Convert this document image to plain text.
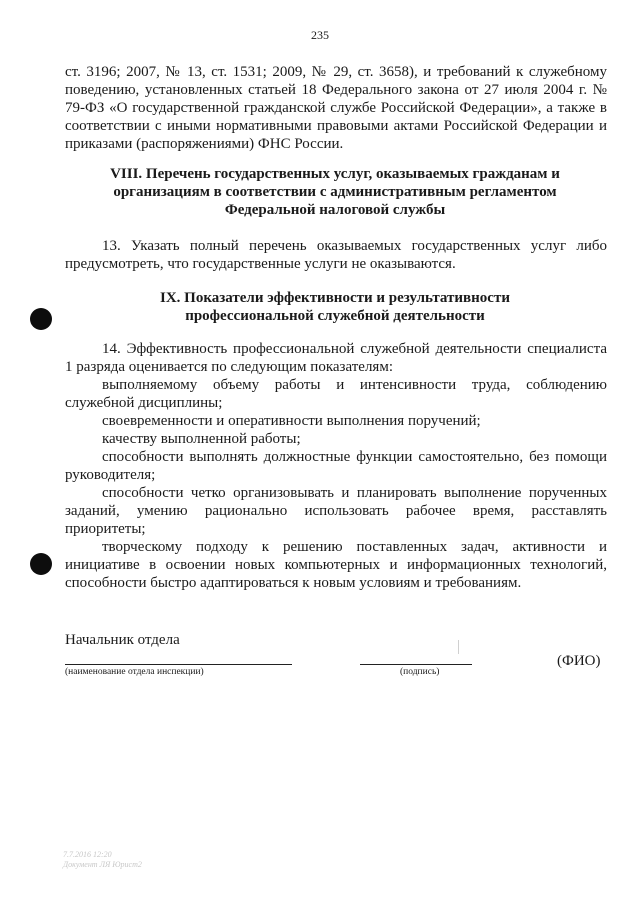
235
ст. 3196; 2007, № 13, ст. 1531; 2009, № 29, ст. 3658), и требований к служебному поведению, установленных статьей 18 Федерального закона от 27 июля 2004 г. № 79-ФЗ «О государственной гражданской службе Российской Федерации», а также в соответствии с иными нормативными правовыми актами Российской Федерации и приказами (распоряжениями) ФНС России.
VIII. Перечень государственных услуг, оказываемых гражданам и
организациям в соответствии с административным регламентом
Федеральной налоговой службы
13. Указать полный перечень оказываемых государственных услуг либо предусмотреть, что государственные услуги не оказываются.
IX. Показатели эффективности и результативности
профессиональной служебной деятельности
14. Эффективность профессиональной служебной деятельности специалиста 1 разряда оценивается по следующим показателям:
выполняемому объему работы и интенсивности труда, соблюдению служебной дисциплины;
своевременности и оперативности выполнения поручений;
качеству выполненной работы;
способности выполнять должностные функции самостоятельно, без помощи руководителя;
способности четко организовывать и планировать выполнение порученных заданий, умению рационально использовать рабочее время, расставлять приоритеты;
творческому подходу к решению поставленных задач, активности и инициативе в освоении новых компьютерных и информационных технологий, способности быстро адаптироваться к новым условиям и требованиям.
Начальник отдела
(наименование отдела инспекции)	(подпись)
(ФИО)
7.7.2016 12:20
Документ ЛЯ Юрист2
